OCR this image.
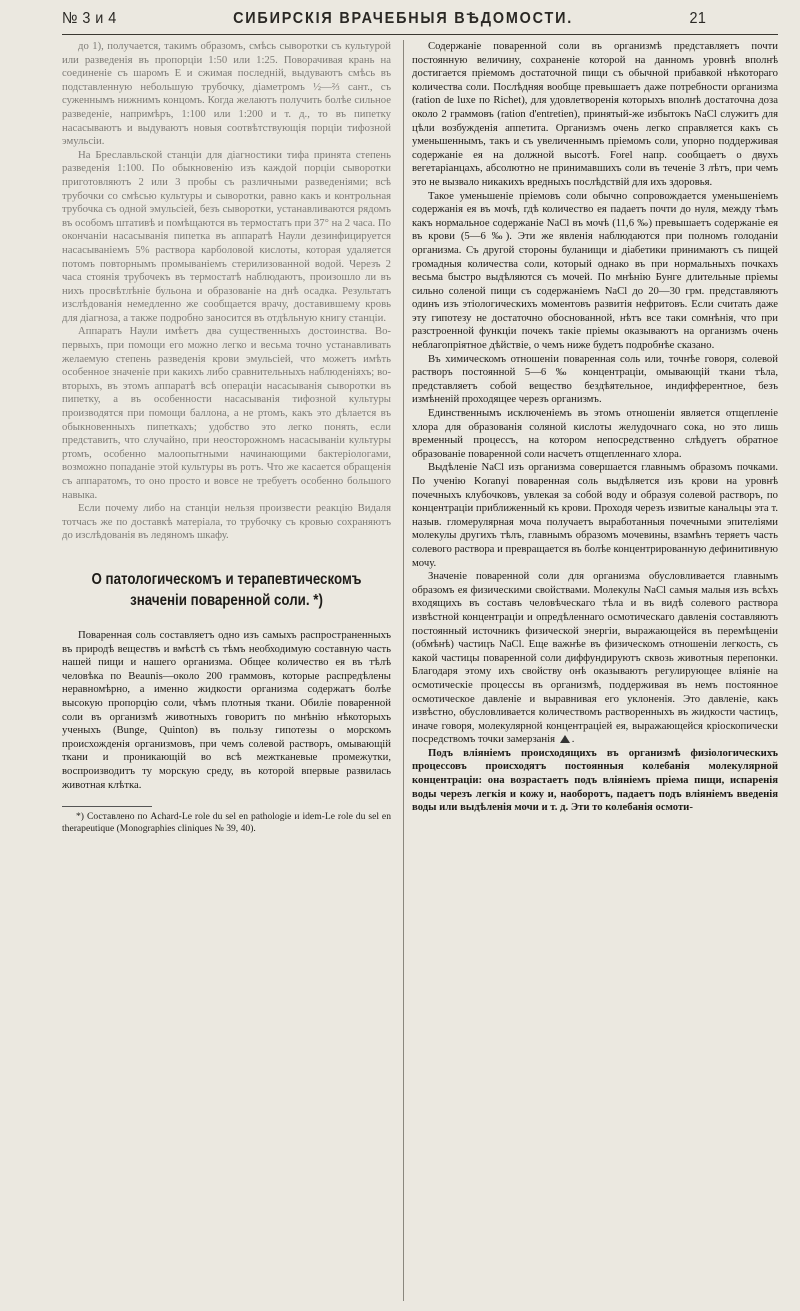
№ 3 и 4	СИБИРСКІЯ ВРАЧЕБНЫЯ ВѢДОМОСТИ.	21

до 1), получается, такимъ образомъ, смѣсь сыворотки съ культурой или разведенія въ пропорціи 1:50 или 1:25. Поворачивая крань на соединеніе съ шаромъ Е и сжимая последній, выдуваютъ смѣсь въ подставленную небольшую трубочку, діаметромъ ½—⅔ сант., съ суженнымъ нижнимъ концомъ. Когда желаютъ получить болѣе сильное разведеніе, напримѣръ, 1:100 или 1:200 и т. д., то въ пипетку насасываютъ и выдуваютъ новыя соотвѣтствующія порціи тифозной эмульсіи.

На Бреславльской станціи для діагностики тифа принята степень разведенія 1:100. По обыкновенію изъ каждой порціи сыворотки приготовляютъ 2 или 3 пробы съ различными разведеніями; всѣ трубочки со смѣсью культуры и сыворотки, равно какъ и контрольная трубочка съ одной эмульсіей, безъ сыворотки, устанавливаются рядомъ въ особомъ штативѣ и помѣщаются въ термостатъ при 37° на 2 часа. По окончаніи насасыванія пипетка въ аппаратѣ Наули дезинфицируется насасываніемъ 5% раствора карболовой кислоты, которая удаляется потомъ повторнымъ промываніемъ стерилизованной водой. Черезъ 2 часа стоянія трубочекъ въ термостатѣ наблюдаютъ, произошло ли въ нихъ просвѣтлѣніе бульона и образованіе на днѣ осадка. Результатъ изслѣдованія немедленно же сообщается врачу, доставившему кровь для діагноза, а также подробно заносится въ отдѣльную книгу станціи.

Аппаратъ Наули имѣетъ два существенныхъ достоинства. Во-первыхъ, при помощи его можно легко и весьма точно устанавливать желаемую степень разведенія крови эмульсіей, что можетъ имѣть особенное значеніе при какихъ либо сравнительныхъ наблюденіяхъ; во-вторыхъ, въ этомъ аппаратѣ всѣ операціи насасыванія сыворотки въ пипетку, а въ особенности насасыванія тифозной культуры производятся при помощи баллона, а не ртомъ, какъ это дѣлается въ обыкновенныхъ пипеткахъ; удобство это легко понять, если представить, что случайно, при неосторожномъ насасываніи культуры ртомъ, особенно малоопытными начинающими бактеріологами, возможно попаданіе этой культуры въ ротъ. Что же касается обращенія съ аппаратомъ, то оно просто и вовсе не требуетъ особенно большого навыка.

Если почему либо на станціи нельзя произвести реакцію Видаля тотчасъ же по доставкѣ матеріала, то трубочку съ кровью сохраняютъ до изслѣдованія въ ледяномъ шкафу.

О патологическомъ и терапевтическомъ значеніи поваренной соли. *)

Поваренная соль составляетъ одно изъ самыхъ распространенныхъ въ природѣ веществъ и вмѣстѣ съ тѣмъ необходимую составную часть нашей пищи и нашего организма. Общее количество ея въ тѣлѣ человѣка по Beaunis—около 200 граммовъ, которые распредѣлены неравномѣрно, а именно жидкости организма содержатъ болѣе высокую пропорцію соли, чѣмъ плотныя ткани. Обиліе поваренной соли въ организмѣ животныхъ говоритъ по мнѣнію нѣкоторыхъ ученыхъ (Bunge, Quinton) въ пользу гипотезы о морскомъ происхожденія организмовъ, при чемъ солевой растворъ, омывающій ткани и проникающій во всѣ межтканевые промежутки, воспроизводитъ ту морскую среду, въ которой впервые развилась животная клѣтка.

*) Составлено по Achard-Le role du sel en pathologie и idem-Le role du sel en therapeutique (Monographies cliniques № 39, 40).

Содержаніе поваренной соли въ организмѣ представляетъ почти постоянную величину, сохраненіе которой на данномъ уровнѣ вполнѣ достигается пріемомъ достаточной пищи съ обычной прибавкой нѣкотораго количества соли. Послѣдняя вообще превышаетъ даже потребности организма (ration de luxe по Richet), для удовлетворенія которыхъ вполнѣ достаточна доза около 2 граммовъ (ration d'entretien), принятый-же избытокъ NaCl служитъ для цѣли возбужденія аппетита. Организмъ очень легко справляется какъ съ уменьшеннымъ, такъ и съ увеличеннымъ пріемомъ соли, упорно поддерживая содержаніе ея на должной высотѣ. Forel напр. сообщаетъ о двухъ вегетаріанцахъ, абсолютно не принимавшихъ соли въ теченіе 3 лѣтъ, при чемъ это не вызвало никакихъ вредныхъ послѣдствій для ихъ здоровья.

Такое уменьшеніе пріемовъ соли обычно сопровождается уменьшеніемъ содержанія ея въ мочѣ, гдѣ количество ея падаетъ почти до нуля, между тѣмъ какъ нормальное содержаніе NaCl въ мочѣ (11,6 ‰) превышаетъ содержаніе ея въ крови (5—6 ‰). Эти же явленія наблюдаются при полномъ голоданіи организма. Съ другой стороны буланищи и діабетики принимаютъ съ пищей громадныя количества соли, который однако въ при нормальныхъ почкахъ весьма быстро выдѣляются съ мочей. По мнѣнію Бунге длительные пріемы сильно соленой пищи съ содержаніемъ NaCl до 20—30 грм. представляютъ одинъ изъ этіологическихъ моментовъ развитія нефритовъ. Если считать даже эту гипотезу не достаточно обоснованной, нѣтъ все таки сомнѣнія, что при разстроенной функціи почекъ такіе пріемы оказываютъ на организмъ очень неблагопріятное дѣйствіе, о чемъ ниже будетъ подробнѣе сказано.

Въ химическомъ отношеніи поваренная соль или, точнѣе говоря, солевой растворъ постоянной 5—6 ‰ концентраціи, омывающій ткани тѣла, представляетъ собой вещество бездѣятельное, индифферентное, безъ измѣненій проходящее черезъ организмъ.

Единственнымъ исключеніемъ въ этомъ отношеніи является отщепленіе хлора для образованія соляной кислоты желудочнаго сока, но это лишь временный процессъ, на котором непосредственно слѣдуетъ обратное образованіе поваренной соли насчетъ отщепленнаго хлора.

Выдѣленіе NaCl изъ организма совершается главнымъ образомъ почками. По ученію Koranyi поваренная соль выдѣляется изъ крови на уровнѣ почечныхъ клубочковъ, увлекая за собой воду и образуя солевой растворъ, по концентраціи приближенный къ крови. Проходя черезъ извитые канальцы эта т. назыв. гломерулярная моча получаетъ выработанныя почечными эпителіями молекулы другихъ тѣлъ, главнымъ образомъ мочевины, взамѣнъ теряетъ часть солевого раствора и превращается въ болѣе концентрированную дефинитивную мочу.

Значеніе поваренной соли для организма обусловливается главнымъ образомъ ея физическими свойствами. Молекулы NaCl самыя малыя изъ всѣхъ входящихъ въ составъ человѣческаго тѣла и въ видѣ солевого раствора извѣстной концентраціи и опредѣленнаго осмотическаго давленія составляютъ постоянный источникъ физической энергіи, выражающейся въ перемѣщеніи (обмѣнѣ) частицъ NaCl. Еще важнѣе въ физическомъ отношеніи легкость, съ какой частицы поваренной соли диффундируютъ сквозь животныя перепонки. Благодаря этому ихъ свойству онѣ оказываютъ регулирующее вліяніе на осмотическіе процессы въ организмѣ, поддерживая въ немъ постоянное осмотическое давленіе и выравнивая его уклоненія. Это давленіе, какъ извѣстно, обусловливается количествомъ растворенныхъ въ жидкости частицъ, иначе говоря, молекулярной концентраціей ея, выражающейся кріоскопически посредствомъ точки замерзанія .

Подъ вліяніемъ происходящихъ въ организмѣ физіологическихъ процессовъ происходятъ постоянныя колебанія молекулярной концентраціи: она возрастаетъ подъ вліяніемъ пріема пищи, испаренія воды черезъ легкія и кожу и, наоборотъ, падаетъ подъ вліяніемъ введенія воды или выдѣленія мочи и т. д. Эти то колебанія осмоти-
